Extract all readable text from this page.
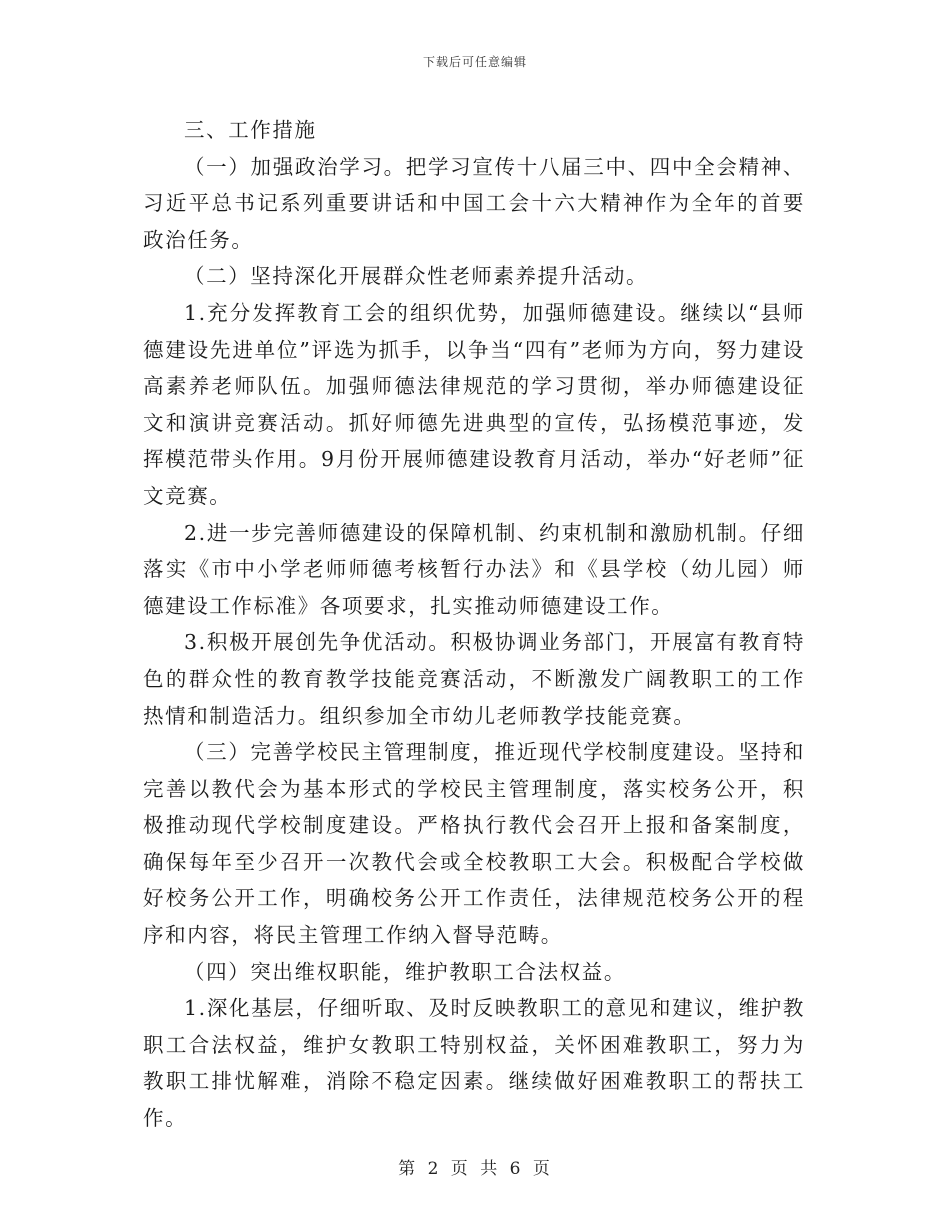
下载后可任意编辑

三、工作措施

（一）加强政治学习。把学习宣传十八届三中、四中全会精神、习近平总书记系列重要讲话和中国工会十六大精神作为全年的首要政治任务。

（二）坚持深化开展群众性老师素养提升活动。

1.充分发挥教育工会的组织优势，加强师德建设。继续以“县师德建设先进单位”评选为抓手，以争当“四有”老师为方向，努力建设高素养老师队伍。加强师德法律规范的学习贯彻，举办师德建设征文和演讲竞赛活动。抓好师德先进典型的宣传，弘扬模范事迹，发挥模范带头作用。9月份开展师德建设教育月活动，举办“好老师”征文竞赛。

2.进一步完善师德建设的保障机制、约束机制和激励机制。仔细落实《市中小学老师师德考核暂行办法》和《县学校（幼儿园）师德建设工作标准》各项要求，扎实推动师德建设工作。

3.积极开展创先争优活动。积极协调业务部门，开展富有教育特色的群众性的教育教学技能竞赛活动，不断激发广阔教职工的工作热情和制造活力。组织参加全市幼儿老师教学技能竞赛。

（三）完善学校民主管理制度，推近现代学校制度建设。坚持和完善以教代会为基本形式的学校民主管理制度，落实校务公开，积极推动现代学校制度建设。严格执行教代会召开上报和备案制度，确保每年至少召开一次教代会或全校教职工大会。积极配合学校做好校务公开工作，明确校务公开工作责任，法律规范校务公开的程序和内容，将民主管理工作纳入督导范畴。

（四）突出维权职能，维护教职工合法权益。

1.深化基层，仔细听取、及时反映教职工的意见和建议，维护教职工合法权益，维护女教职工特别权益，关怀困难教职工，努力为教职工排忧解难，消除不稳定因素。继续做好困难教职工的帮扶工作。

第 2 页 共 6 页
